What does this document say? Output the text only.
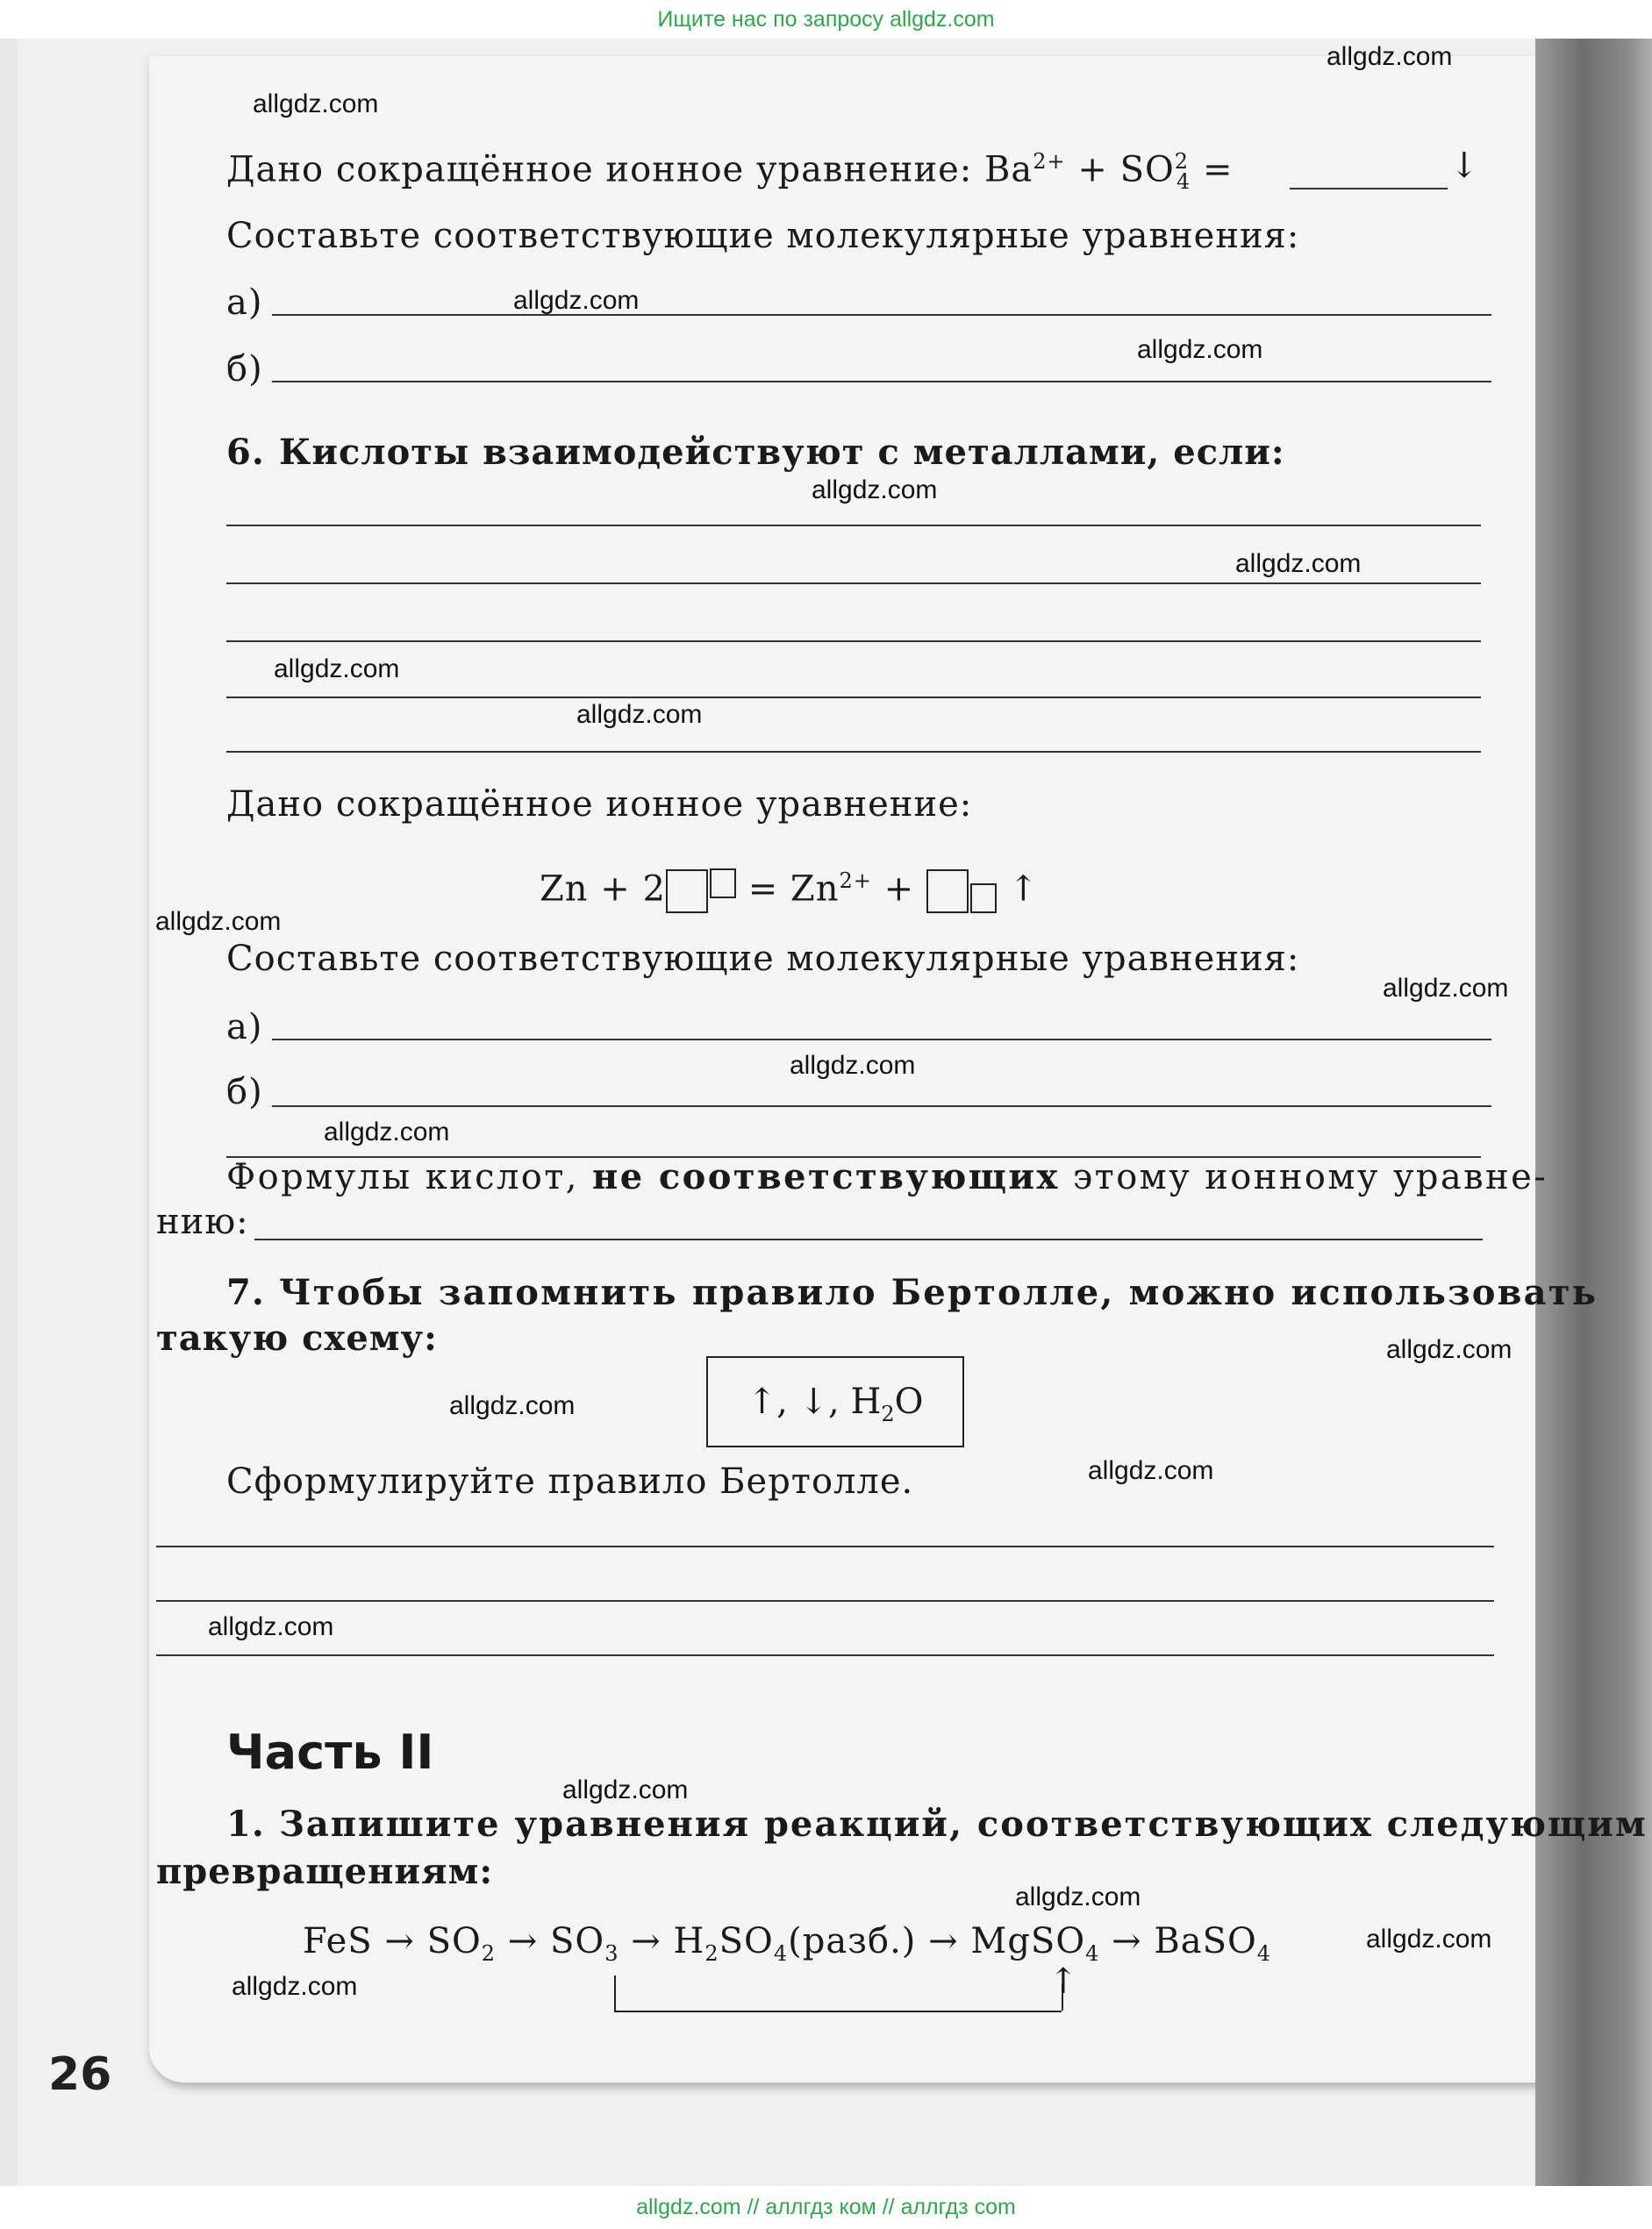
Ищите нас по запросу allgdz.com
Дано сокращённое ионное уравнение: $Ba^{2+} + SO^2_4$ =	↓
Составьте соответствующие молекулярные уравнения:
а)
б)
6. Кислоты взаимодействуют с металлами, если:
Дано сокращённое ионное уравнение:
$Zn + 2 = Zn^{2+}$ +	↑
Составьте соответствующие молекулярные уравнения:
а)
б)
Формулы кислот, не соответствующих этому ионному уравне-
нию:
7. Чтобы запомнить правило Бертолле, можно использовать
такую схему:
↑, ↓, $H_2O$
Сформулируйте правило Бертолле.
Часть II
1. Запишите уравнения реакций, соответствующих следующим
превращениям:
FeS → $SO_2 \to SO_3$ → $H_2SO_4(разб.)$ → MgSO$_4$ → BaSO$_4$
↑
26
allgdz.com
allgdz.com
allgdz.com
allgdz.com
allgdz.com
allgdz.com
allgdz.com
allgdz.com
allgdz.com
allgdz.com
allgdz.com
allgdz.com
allgdz.com
allgdz.com
allgdz.com
allgdz.com
allgdz.com
allgdz.com
allgdz.com
allgdz.com
allgdz.com // аллгдз ком // аллгдз com
